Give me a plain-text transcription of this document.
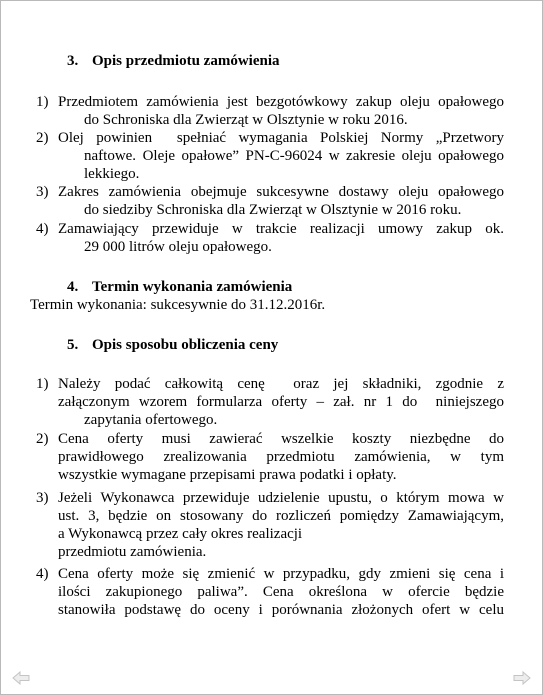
3. Opis przedmiotu zamówienia
1) Przedmiotem zamówienia jest bezgotówkowy zakup oleju opałowego
do Schroniska dla Zwierząt w Olsztynie w roku 2016.
2) Olej powinien  spełniać wymagania Polskiej Normy „Przetwory
naftowe. Oleje opałowe” PN-C-96024 w zakresie oleju opałowego
lekkiego.
3) Zakres zamówienia obejmuje sukcesywne dostawy oleju opałowego
do siedziby Schroniska dla Zwierząt w Olsztynie w 2016 roku.
4) Zamawiający przewiduje w trakcie realizacji umowy zakup ok.
29 000 litrów oleju opałowego.
4. Termin wykonania zamówienia
Termin wykonania: sukcesywnie do 31.12.2016r.
5. Opis sposobu obliczenia ceny
1) Należy podać całkowitą cenę  oraz jej składniki, zgodnie z
załączonym wzorem formularza oferty – zał. nr 1 do  niniejszego
zapytania ofertowego.
2) Cena oferty musi zawierać wszelkie koszty niezbędne do
prawidłowego zrealizowania przedmiotu zamówienia, w tym
wszystkie wymagane przepisami prawa podatki i opłaty.
3) Jeżeli Wykonawca przewiduje udzielenie upustu, o którym mowa w
ust. 3, będzie on stosowany do rozliczeń pomiędzy Zamawiającym,
a Wykonawcą przez cały okres realizacji
przedmiotu zamówienia.
4) Cena oferty może się zmienić w przypadku, gdy zmieni się cena i
ilości zakupionego paliwa”. Cena określona w ofercie będzie
stanowiła podstawę do oceny i porównania złożonych ofert w celu
